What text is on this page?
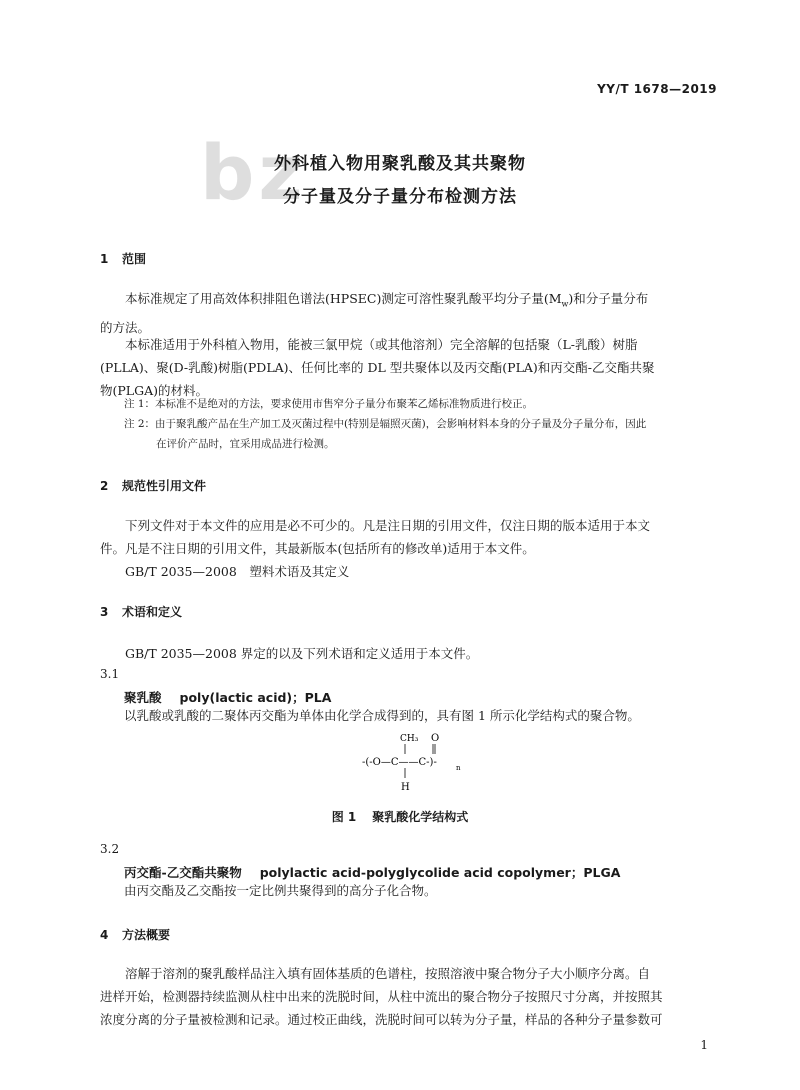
bz
YY/T 1678—2019
外科植入物用聚乳酸及其共聚物
分子量及分子量分布检测方法
1 范围
本标准规定了用高效体积排阻色谱法(HPSEC)测定可溶性聚乳酸平均分子量$(M_w)$和分子量分布
的方法。
本标准适用于外科植入物用，能被三氯甲烷（或其他溶剂）完全溶解的包括聚（L-乳酸）树脂
(PLLA)、聚(D-乳酸)树脂(PDLA)、任何比率的 DL 型共聚体以及丙交酯(PLA)和丙交酯-乙交酯共聚
物(PLGA)的材料。
注 1：本标准不是绝对的方法，要求使用市售窄分子量分布聚苯乙烯标准物质进行校正。
注 2：由于聚乳酸产品在生产加工及灭菌过程中(特别是辐照灭菌)，会影响材料本身的分子量及分子量分布，因此
在评价产品时，宜采用成品进行检测。
2 规范性引用文件
下列文件对于本文件的应用是必不可少的。凡是注日期的引用文件，仅注日期的版本适用于本文
件。凡是不注日期的引用文件，其最新版本(包括所有的修改单)适用于本文件。
GB/T 2035—2008　塑料术语及其定义
3 术语和定义
GB/T 2035—2008 界定的以及下列术语和定义适用于本文件。
3.1
聚乳酸 poly(lactic acid)；PLA
以乳酸或乳酸的二聚体丙交酯为单体由化学合成得到的，具有图 1 所示化学结构式的聚合物。
CH₃ O
-(-O—C——C-)-	n
H
图 1 聚乳酸化学结构式
3.2
丙交酯-乙交酯共聚物 polylactic acid-polyglycolide acid copolymer；PLGA
由丙交酯及乙交酯按一定比例共聚得到的高分子化合物。
4 方法概要
溶解于溶剂的聚乳酸样品注入填有固体基质的色谱柱，按照溶液中聚合物分子大小顺序分离。自
进样开始，检测器持续监测从柱中出来的洗脱时间，从柱中流出的聚合物分子按照尺寸分离，并按照其
浓度分离的分子量被检测和记录。通过校正曲线，洗脱时间可以转为分子量，样品的各种分子量参数可
1
